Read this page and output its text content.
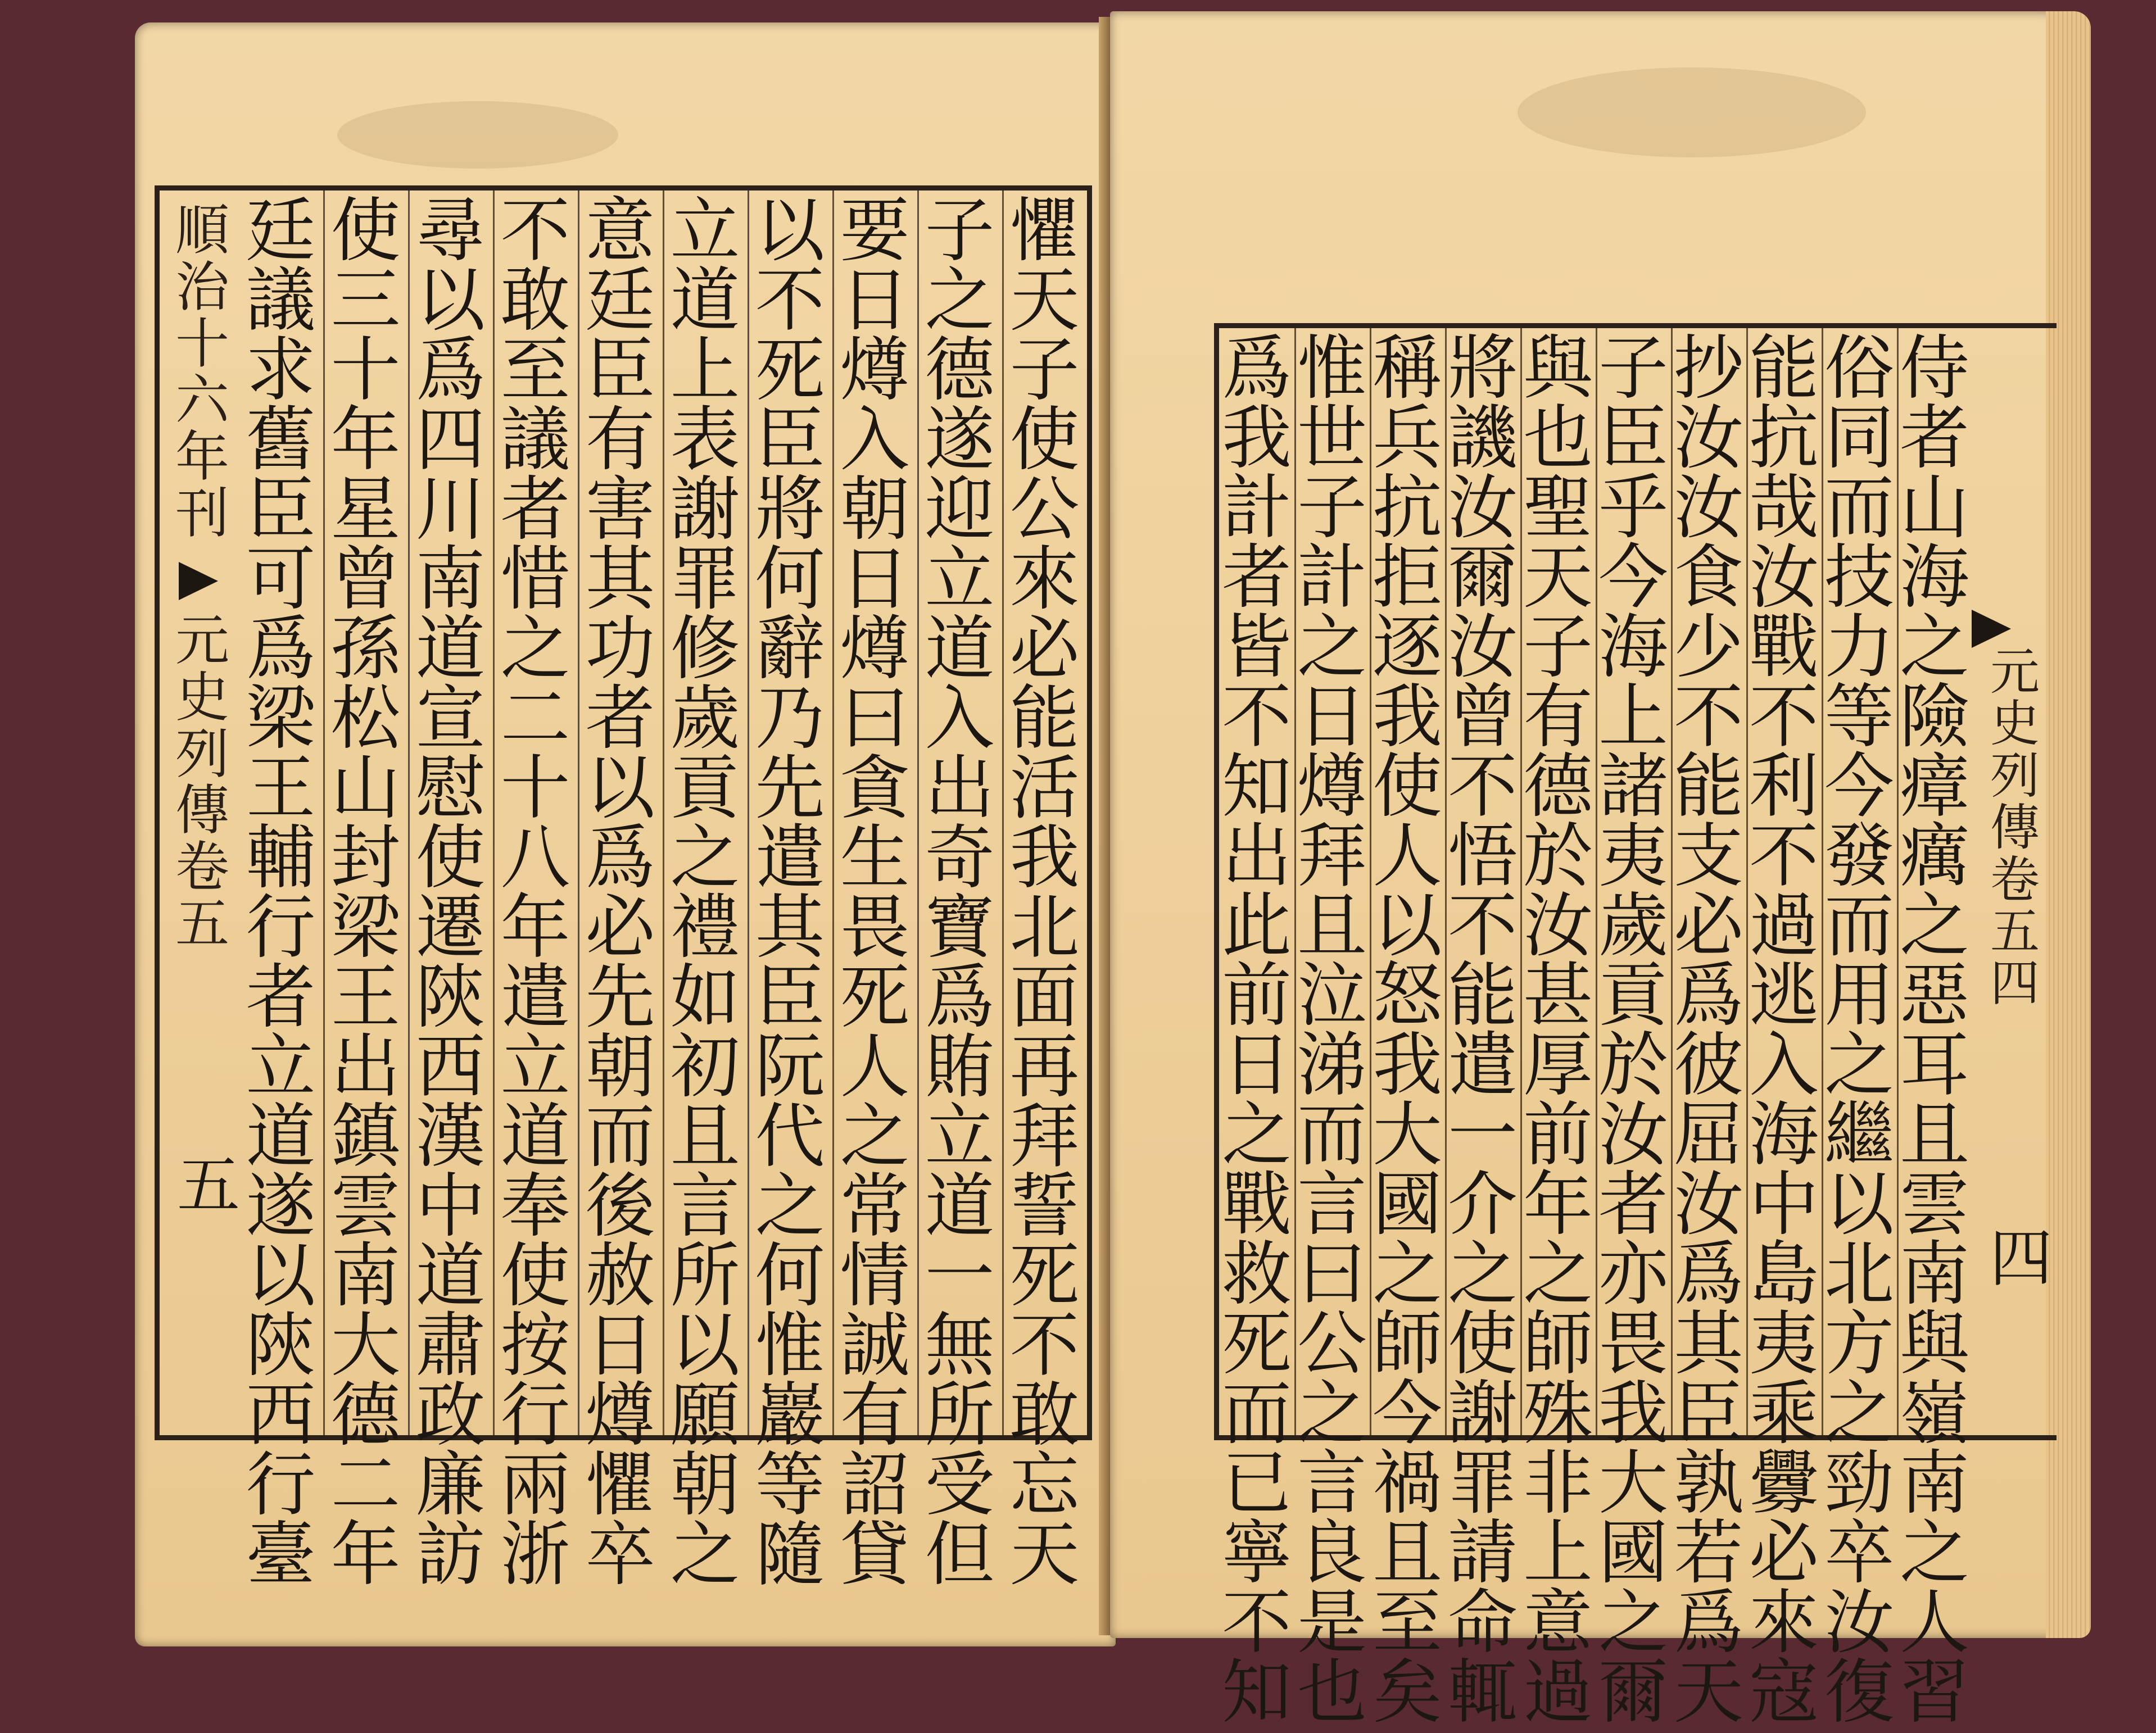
懼
天
子
使
公
來
必
能
活
我
北
面
再
拜
誓
死
不
敢
忘
天
子
之
德
遂
迎
立
道
入
出
奇
寶
爲
賄
立
道
一
無
所
受
但
要
日
燇
入
朝
日
燇
曰
貪
生
畏
死
人
之
常
情
誠
有
詔
貸
以
不
死
臣
將
何
辭
乃
先
遣
其
臣
阮
代
之
何
惟
巖
等
隨
立
道
上
表
謝
罪
修
歲
貢
之
禮
如
初
且
言
所
以
願
朝
之
意
廷
臣
有
害
其
功
者
以
爲
必
先
朝
而
後
赦
日
燇
懼
卒
不
敢
至
議
者
惜
之
二
十
八
年
遣
立
道
奉
使
按
行
兩
浙
尋
以
爲
四
川
南
道
宣
慰
使
遷
陝
西
漢
中
道
肅
政
廉
訪
使
三
十
年
星
曾
孫
松
山
封
梁
王
出
鎮
雲
南
大
德
二
年
廷
議
求
舊
臣
可
爲
梁
王
輔
行
者
立
道
遂
以
陝
西
行
臺
順
治
十
六
年
刊
元
史
列
傳
卷
五
五
侍
者
山
海
之
險
瘴
癘
之
惡
耳
且
雲
南
與
嶺
南
之
人
習
俗
同
而
技
力
等
今
發
而
用
之
繼
以
北
方
之
勁
卒
汝
復
能
抗
哉
汝
戰
不
利
不
過
逃
入
海
中
島
夷
乘
釁
必
來
寇
抄
汝
汝
食
少
不
能
支
必
爲
彼
屈
汝
爲
其
臣
孰
若
爲
天
子
臣
乎
今
海
上
諸
夷
歲
貢
於
汝
者
亦
畏
我
大
國
之
爾
與
也
聖
天
子
有
德
於
汝
甚
厚
前
年
之
師
殊
非
上
意
過
將
譏
汝
爾
汝
曾
不
悟
不
能
遣
一
介
之
使
謝
罪
請
命
輒
稱
兵
抗
拒
逐
我
使
人
以
怒
我
大
國
之
師
今
禍
且
至
矣
惟
世
子
計
之
日
燇
拜
且
泣
涕
而
言
曰
公
之
言
良
是
也
爲
我
計
者
皆
不
知
出
此
前
日
之
戰
救
死
而
已
寧
不
知
元
史
列
傳
卷
五
四
四
